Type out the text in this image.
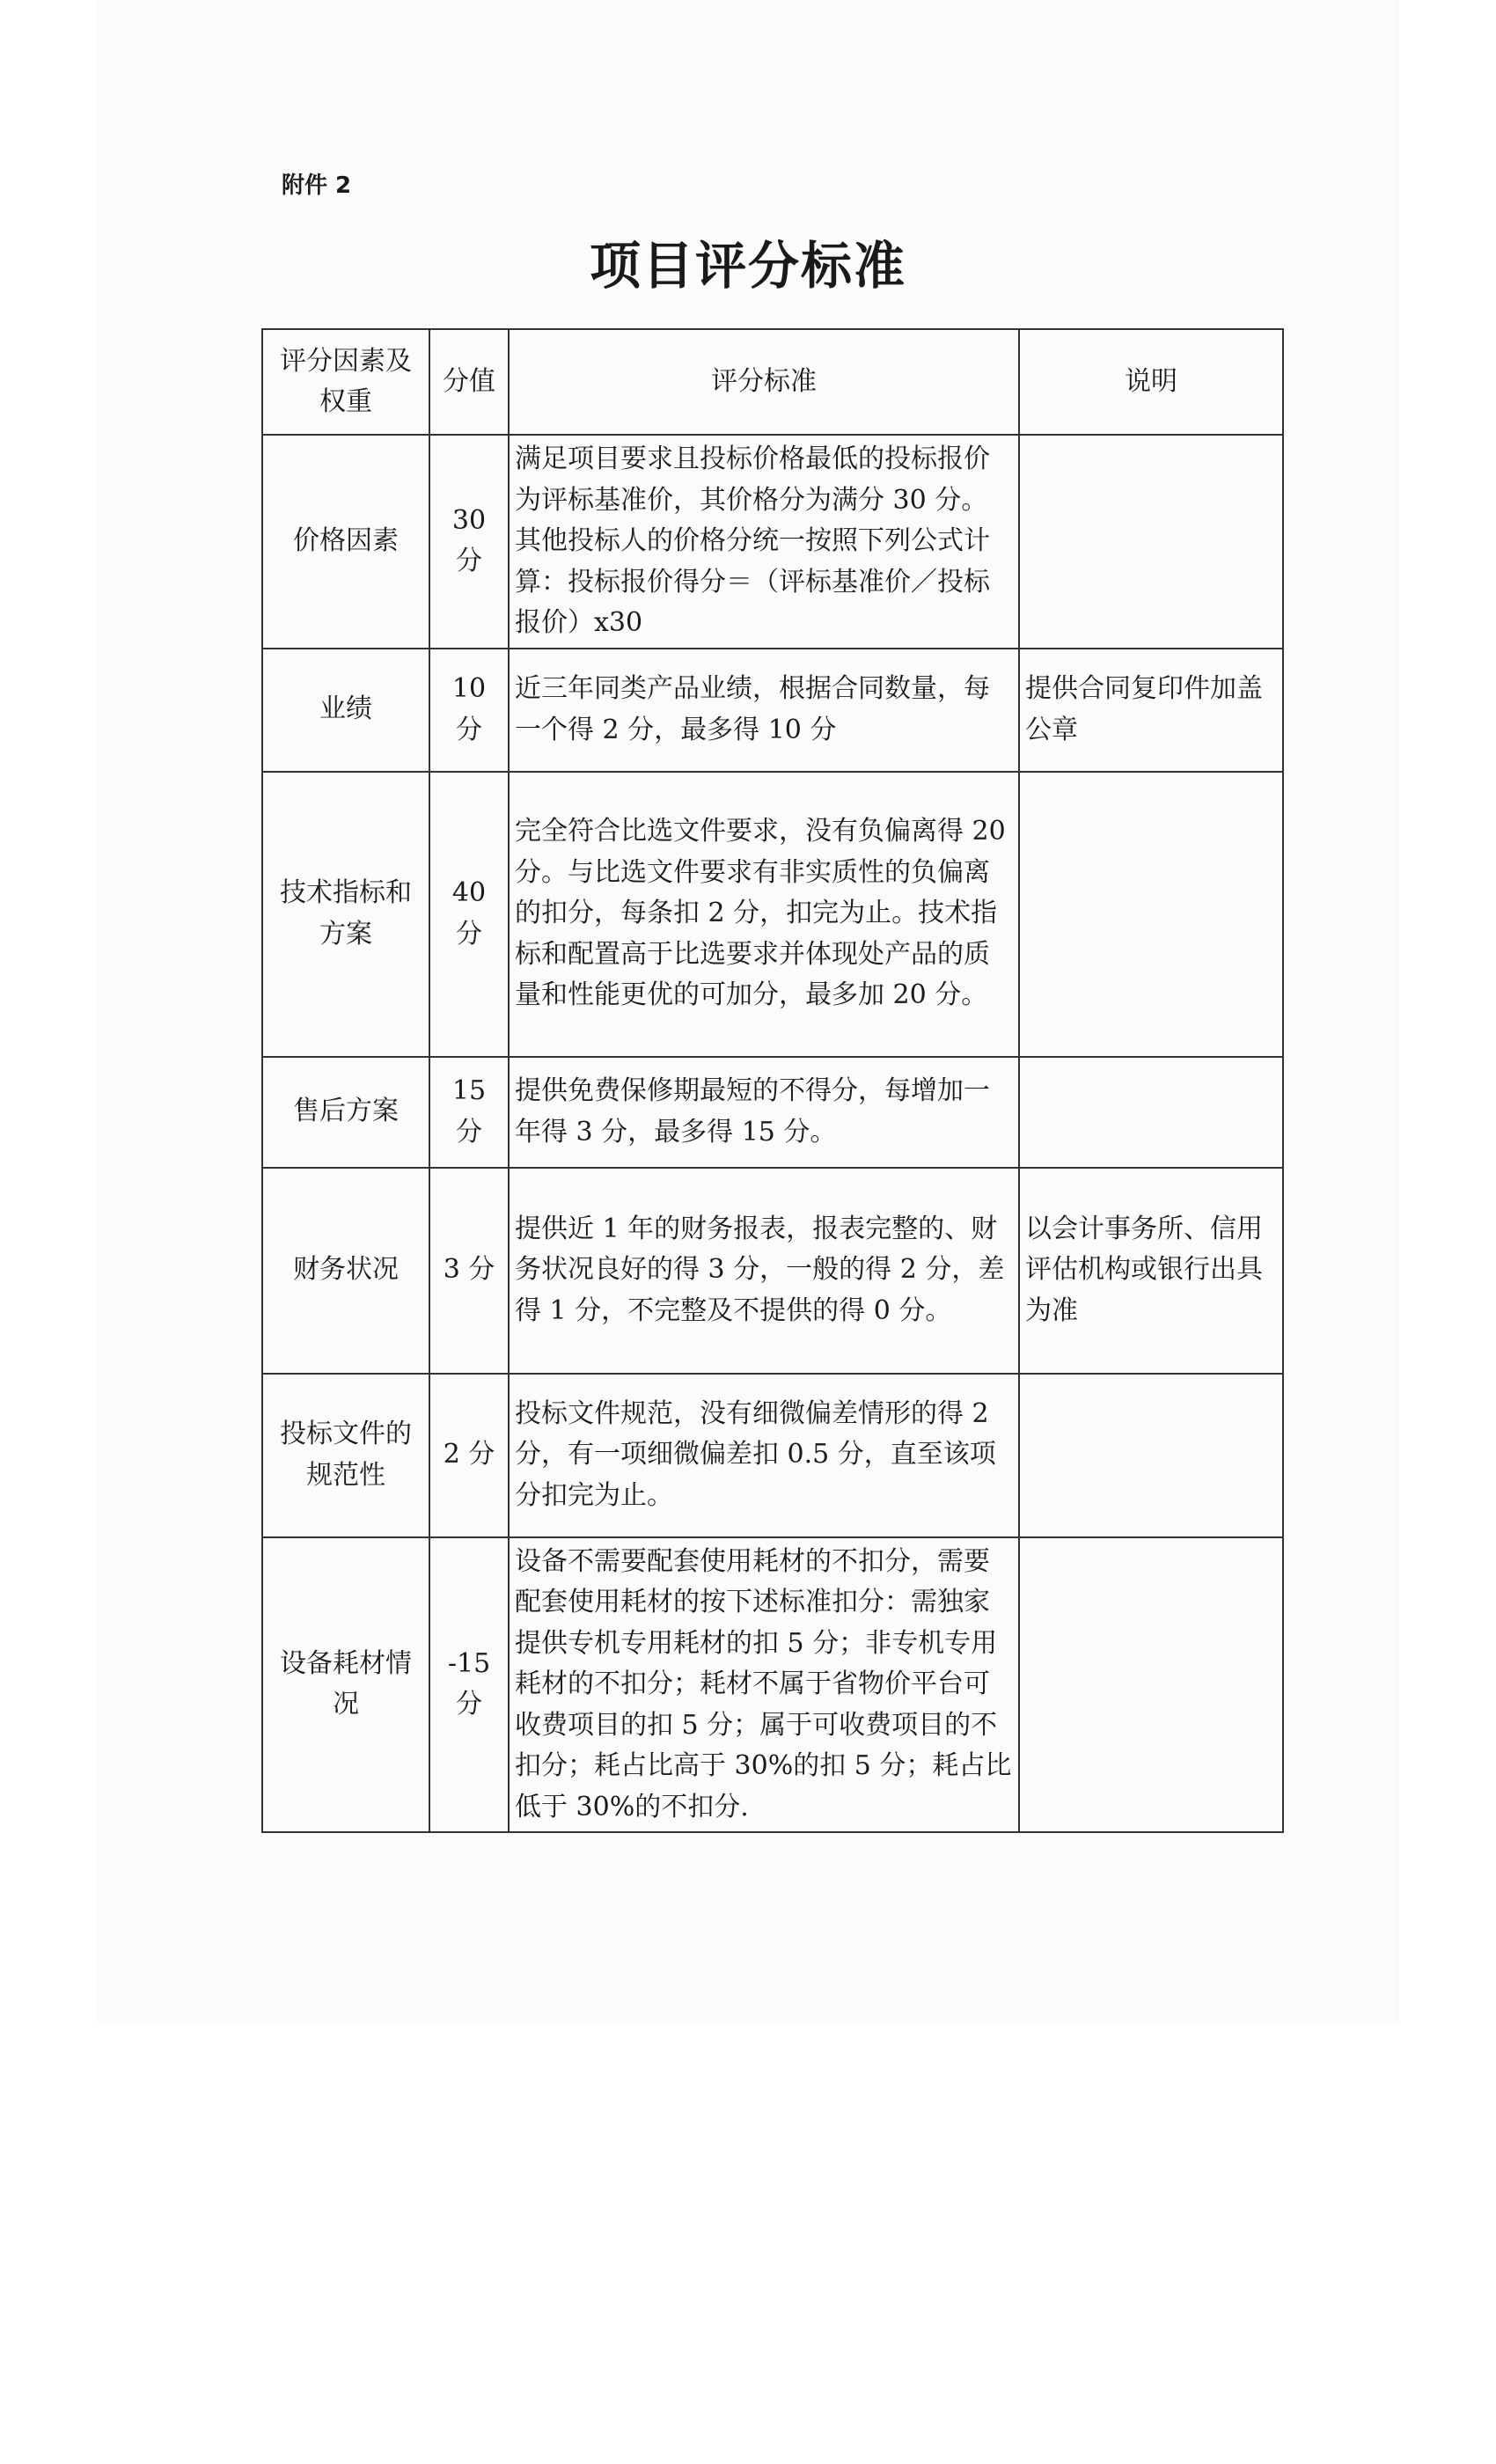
附件 2
项目评分标准
评分因素及权重	分值	评分标准	说明
价格因素	30 分	满足项目要求且投标价格最低的投标报价为评标基准价，其价格分为满分 30 分。其他投标人的价格分统一按照下列公式计算：投标报价得分＝（评标基准价／投标报价）x30	
业绩	10 分	近三年同类产品业绩，根据合同数量，每一个得 2 分，最多得 10 分	提供合同复印件加盖公章
技术指标和方案	40 分	完全符合比选文件要求，没有负偏离得 20 分。与比选文件要求有非实质性的负偏离的扣分，每条扣 2 分，扣完为止。技术指标和配置高于比选要求并体现处产品的质量和性能更优的可加分，最多加 20 分。	
售后方案	15 分	提供免费保修期最短的不得分，每增加一年得 3 分，最多得 15 分。	
财务状况	3 分	提供近 1 年的财务报表，报表完整的、财务状况良好的得 3 分，一般的得 2 分，差得 1 分，不完整及不提供的得 0 分。	以会计事务所、信用评估机构或银行出具为准
投标文件的规范性	2 分	投标文件规范，没有细微偏差情形的得 2 分，有一项细微偏差扣 0.5 分，直至该项分扣完为止。	
设备耗材情况	-15 分	设备不需要配套使用耗材的不扣分，需要配套使用耗材的按下述标准扣分：需独家提供专机专用耗材的扣 5 分；非专机专用耗材的不扣分；耗材不属于省物价平台可收费项目的扣 5 分；属于可收费项目的不扣分；耗占比高于 30%的扣 5 分；耗占比低于 30%的不扣分.	
